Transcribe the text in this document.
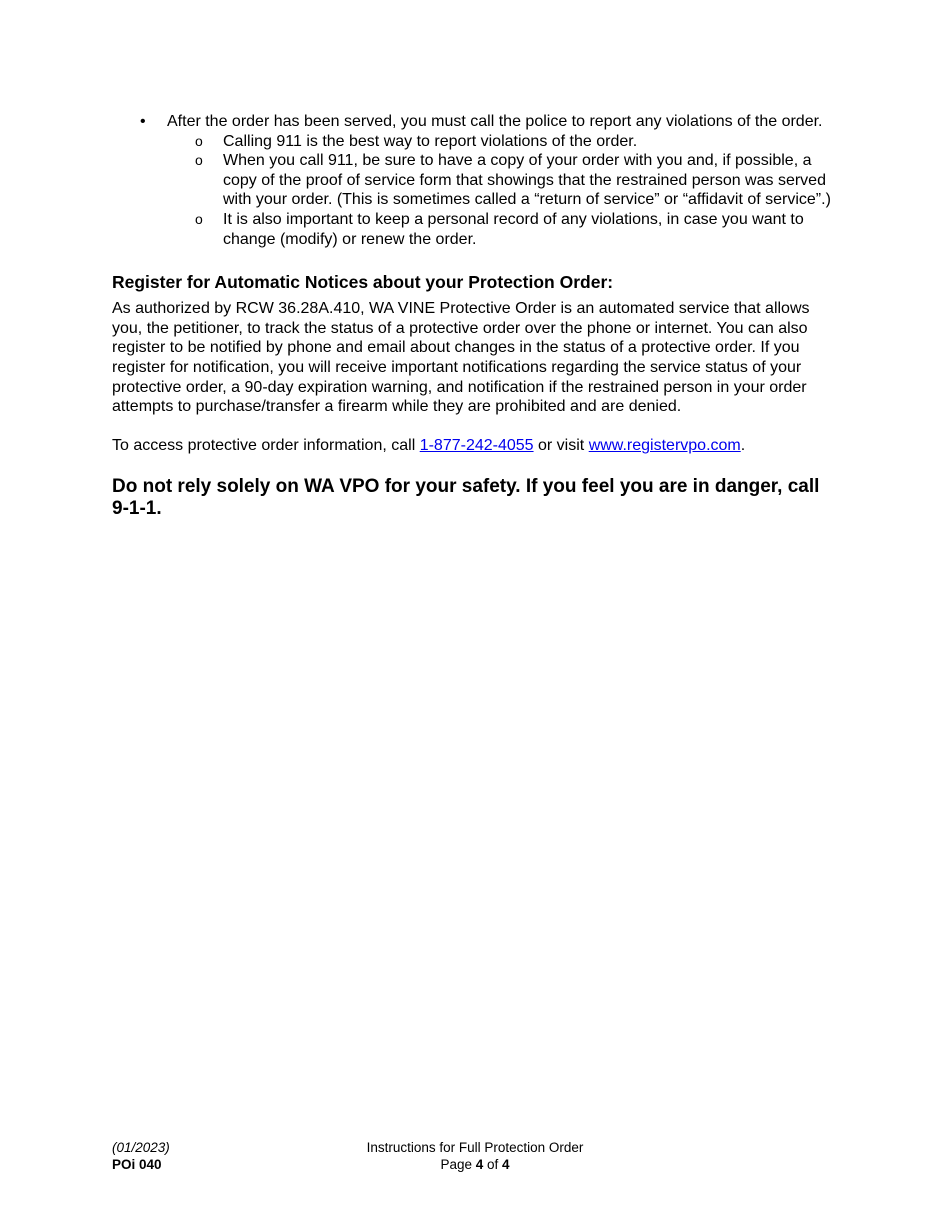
• After the order has been served, you must call the police to report any violations of the order.
o Calling 911 is the best way to report violations of the order.
o When you call 911, be sure to have a copy of your order with you and, if possible, a copy of the proof of service form that showings that the restrained person was served with your order. (This is sometimes called a “return of service” or “affidavit of service”.)
o It is also important to keep a personal record of any violations, in case you want to change (modify) or renew the order.
Register for Automatic Notices about your Protection Order:

As authorized by RCW 36.28A.410, WA VINE Protective Order is an automated service that allows you, the petitioner, to track the status of a protective order over the phone or internet. You can also register to be notified by phone and email about changes in the status of a protective order. If you register for notification, you will receive important notifications regarding the service status of your protective order, a 90-day expiration warning, and notification if the restrained person in your order attempts to purchase/transfer a firearm while they are prohibited and are denied.

To access protective order information, call 1-877-242-4055 or visit www.registervpo.com.

Do not rely solely on WA VPO for your safety. If you feel you are in danger, call 9-1-1.

(01/2023)
POi 040
Instructions for Full Protection Order
Page 4 of 4
